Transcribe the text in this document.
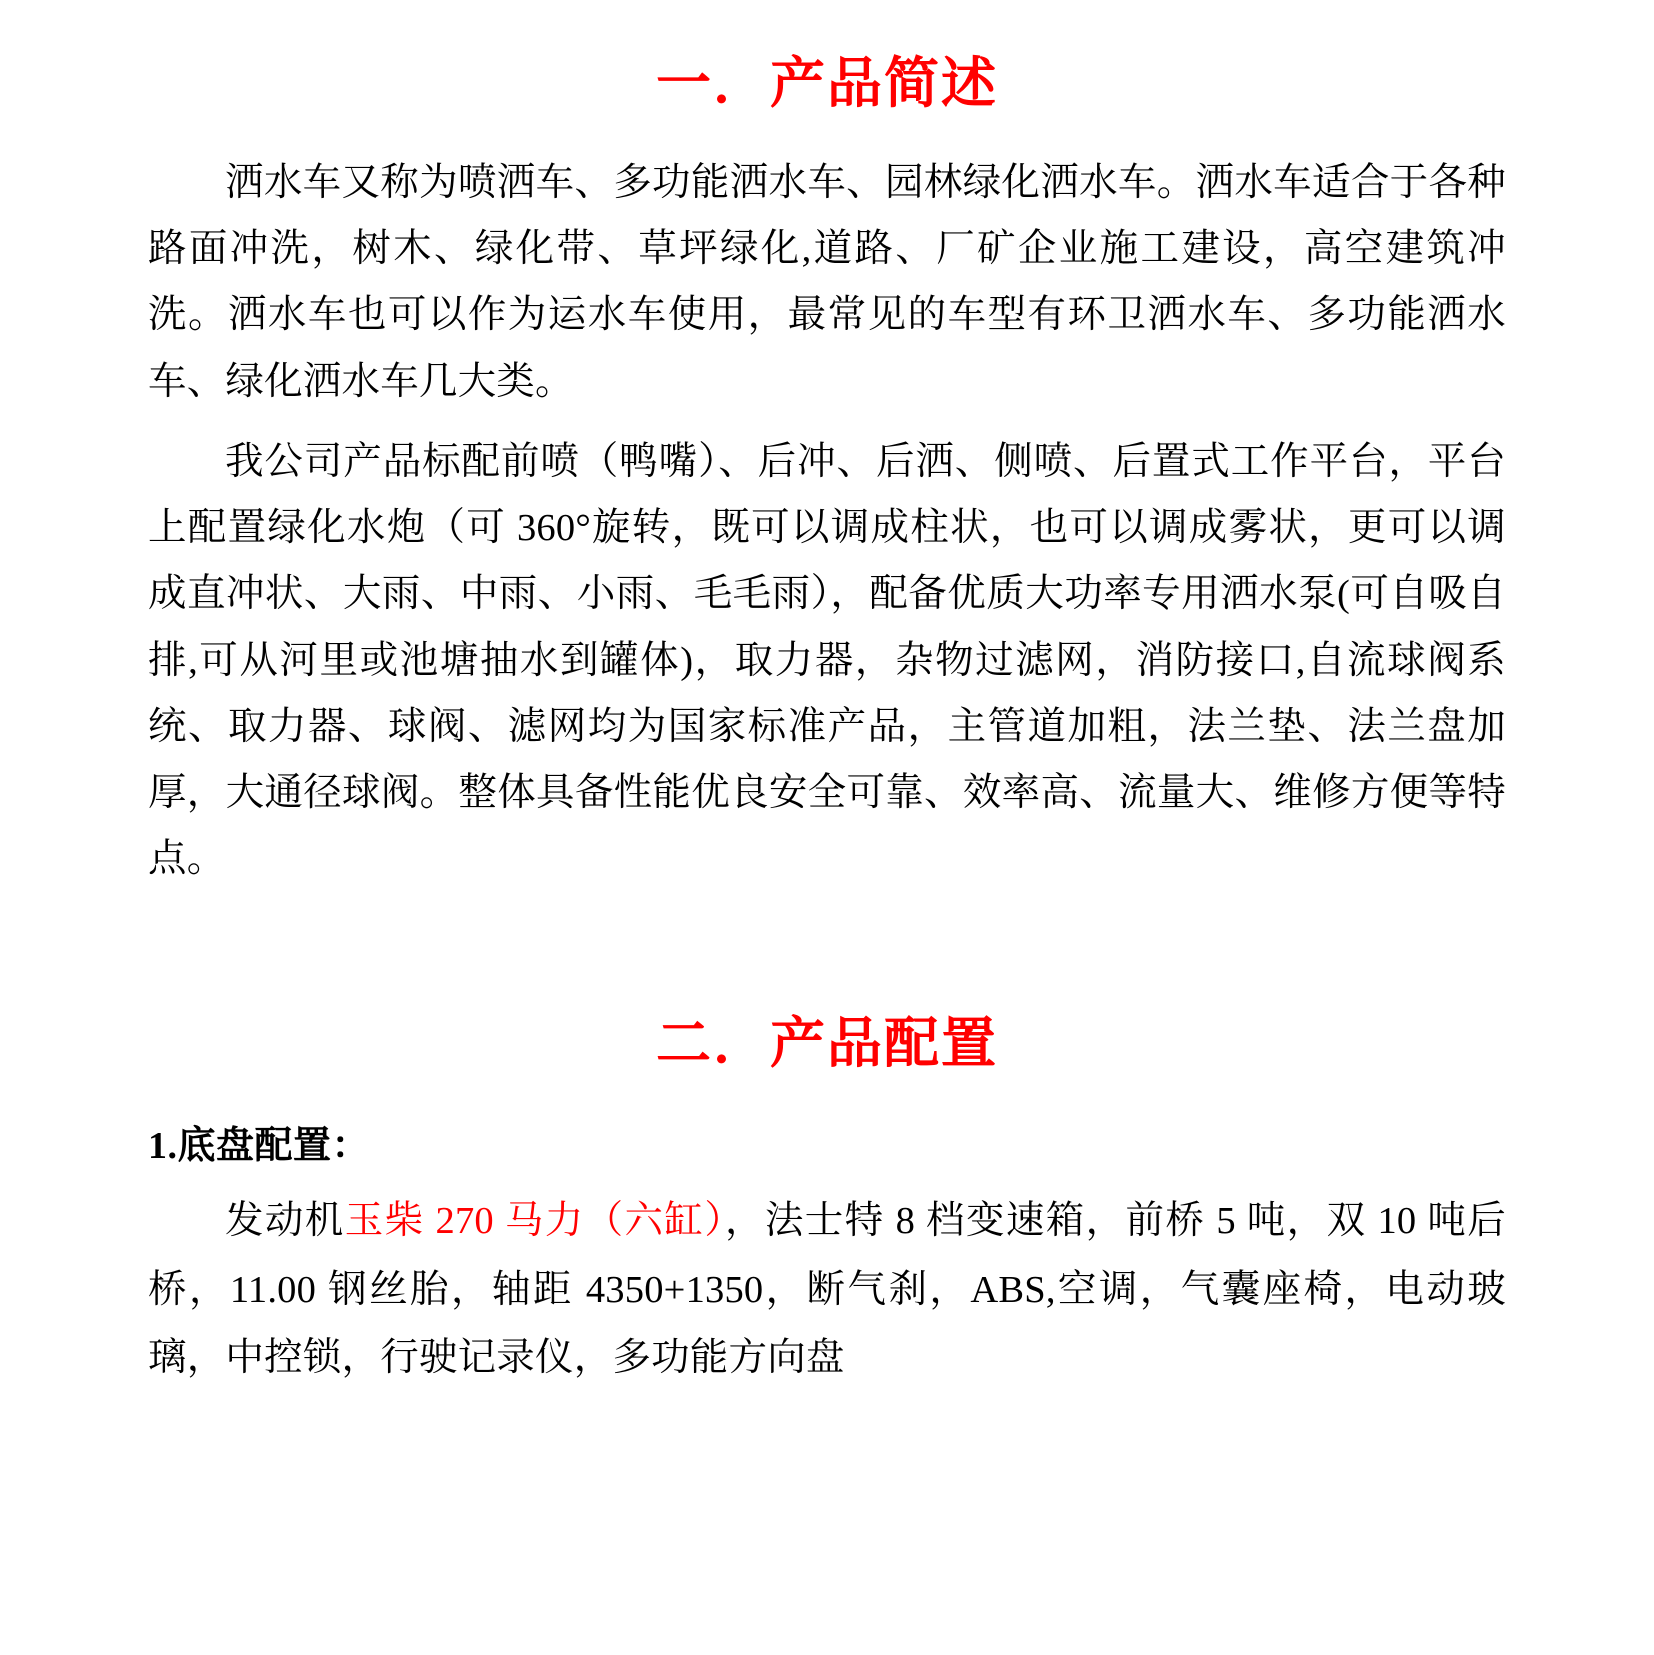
一．产品简述

洒水车又称为喷洒车、多功能洒水车、园林绿化洒水车。洒水车适合于各种路面冲洗，树木、绿化带、草坪绿化,道路、厂矿企业施工建设，高空建筑冲洗。洒水车也可以作为运水车使用，最常见的车型有环卫洒水车、多功能洒水车、绿化洒水车几大类。

我公司产品标配前喷（鸭嘴）、后冲、后洒、侧喷、后置式工作平台，平台上配置绿化水炮（可 360°旋转，既可以调成柱状，也可以调成雾状，更可以调成直冲状、大雨、中雨、小雨、毛毛雨），配备优质大功率专用洒水泵(可自吸自排,可从河里或池塘抽水到罐体)，取力器，杂物过滤网，消防接口,自流球阀系统、取力器、球阀、滤网均为国家标准产品，主管道加粗，法兰垫、法兰盘加厚，大通径球阀。整体具备性能优良安全可靠、效率高、流量大、维修方便等特点。

二．产品配置
1.底盘配置：

发动机玉柴 270 马力（六缸），法士特 8 档变速箱，前桥 5 吨，双 10 吨后桥，11.00 钢丝胎，轴距 4350+1350，断气刹，ABS,空调，气囊座椅，电动玻璃，中控锁，行驶记录仪，多功能方向盘
